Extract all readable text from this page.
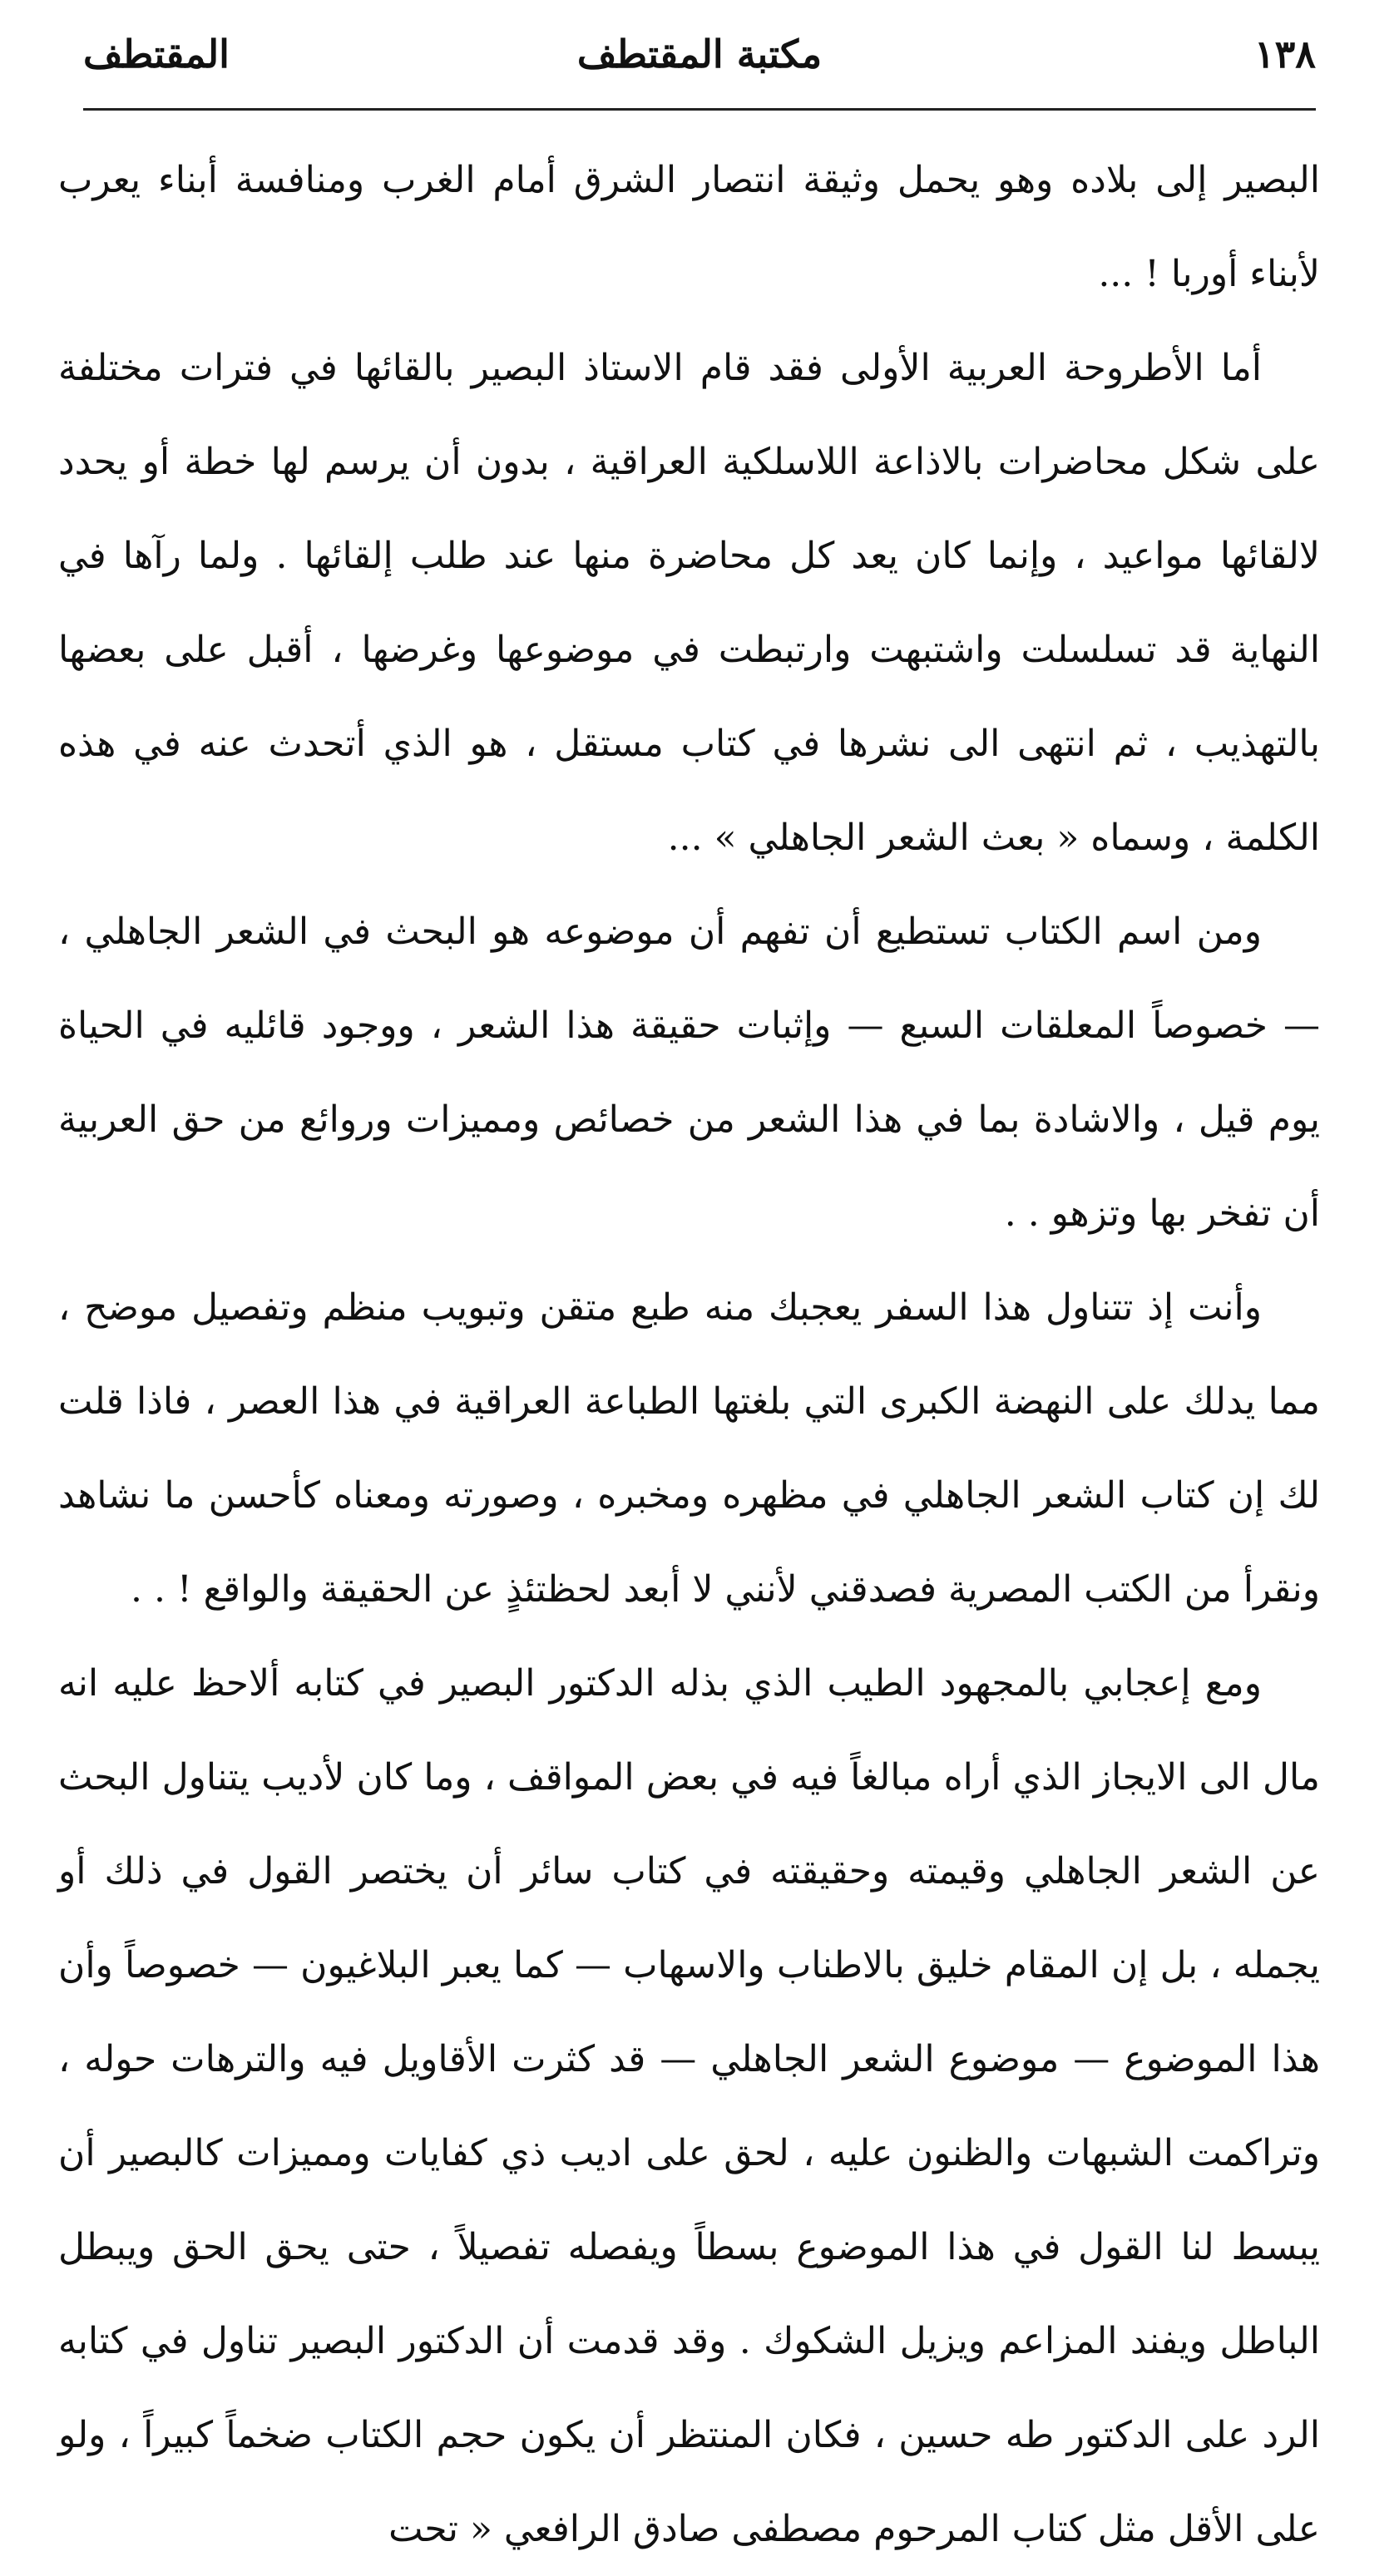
١٣٨
مكتبة المقتطف
المقتطف

البصير إلى بلاده وهو يحمل وثيقة انتصار الشرق أمام الغرب ومنافسة أبناء يعرب لأبناء أوربا ! ...

أما الأطروحة العربية الأولى فقد قام الاستاذ البصير بالقائها في فترات مختلفة على شكل محاضرات بالاذاعة اللاسلكية العراقية ، بدون أن يرسم لها خطة أو يحدد لالقائها مواعيد ، وإنما كان يعد كل محاضرة منها عند طلب إلقائها . ولما رآها في النهاية قد تسلسلت واشتبهت وارتبطت في موضوعها وغرضها ، أقبل على بعضها بالتهذيب ، ثم انتهى الى نشرها في كتاب مستقل ، هو الذي أتحدث عنه في هذه الكلمة ، وسماه « بعث الشعر الجاهلي » ...

ومن اسم الكتاب تستطيع أن تفهم أن موضوعه هو البحث في الشعر الجاهلي ، — خصوصاً المعلقات السبع — وإثبات حقيقة هذا الشعر ، ووجود قائليه في الحياة يوم قيل ، والاشادة بما في هذا الشعر من خصائص ومميزات وروائع من حق العربية أن تفخر بها وتزهو . .

وأنت إذ تتناول هذا السفر يعجبك منه طبع متقن وتبويب منظم وتفصيل موضح ، مما يدلك على النهضة الكبرى التي بلغتها الطباعة العراقية في هذا العصر ، فاذا قلت لك إن كتاب الشعر الجاهلي في مظهره ومخبره ، وصورته ومعناه كأحسن ما نشاهد ونقرأ من الكتب المصرية فصدقني لأنني لا أبعد لحظتئذٍ عن الحقيقة والواقع ! . .

ومع إعجابي بالمجهود الطيب الذي بذله الدكتور البصير في كتابه ألاحظ عليه انه مال الى الايجاز الذي أراه مبالغاً فيه في بعض المواقف ، وما كان لأديب يتناول البحث عن الشعر الجاهلي وقيمته وحقيقته في كتاب سائر أن يختصر القول في ذلك أو يجمله ، بل إن المقام خليق بالاطناب والاسهاب — كما يعبر البلاغيون — خصوصاً وأن هذا الموضوع — موضوع الشعر الجاهلي — قد كثرت الأقاويل فيه والترهات حوله ، وتراكمت الشبهات والظنون عليه ، لحق على اديب ذي كفايات ومميزات كالبصير أن يبسط لنا القول في هذا الموضوع بسطاً ويفصله تفصيلاً ، حتى يحق الحق ويبطل الباطل ويفند المزاعم ويزيل الشكوك . وقد قدمت أن الدكتور البصير تناول في كتابه الرد على الدكتور طه حسين ، فكان المنتظر أن يكون حجم الكتاب ضخماً كبيراً ، ولو على الأقل مثل كتاب المرحوم مصطفى صادق الرافعي « تحت
